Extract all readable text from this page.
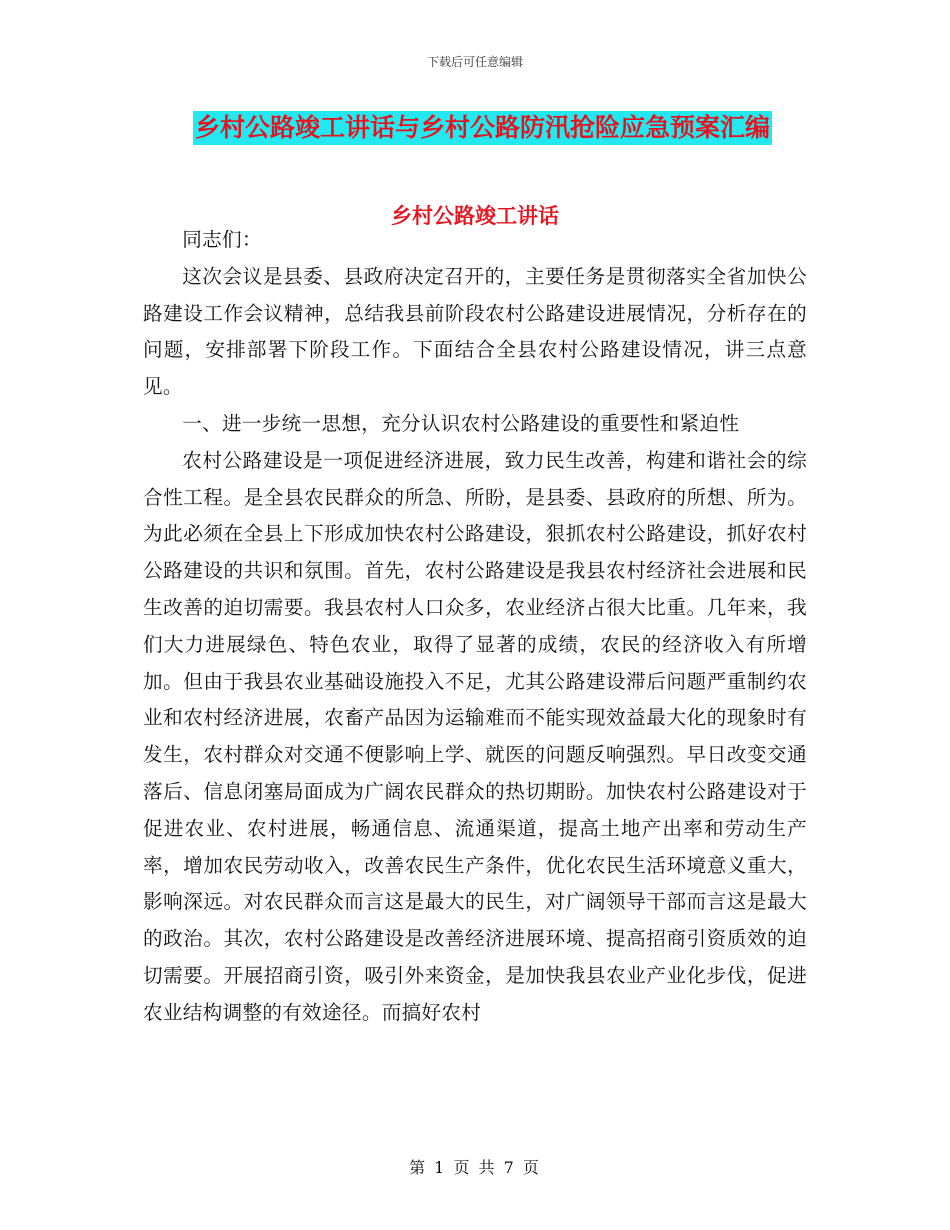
下载后可任意编辑
乡村公路竣工讲话与乡村公路防汛抢险应急预案汇编
乡村公路竣工讲话

同志们：

这次会议是县委、县政府决定召开的，主要任务是贯彻落实全省加快公路建设工作会议精神，总结我县前阶段农村公路建设进展情况，分析存在的问题，安排部署下阶段工作。下面结合全县农村公路建设情况，讲三点意见。

一、进一步统一思想，充分认识农村公路建设的重要性和紧迫性

农村公路建设是一项促进经济进展，致力民生改善，构建和谐社会的综合性工程。是全县农民群众的所急、所盼，是县委、县政府的所想、所为。为此必须在全县上下形成加快农村公路建设，狠抓农村公路建设，抓好农村公路建设的共识和氛围。首先，农村公路建设是我县农村经济社会进展和民生改善的迫切需要。我县农村人口众多，农业经济占很大比重。几年来，我们大力进展绿色、特色农业，取得了显著的成绩，农民的经济收入有所增加。但由于我县农业基础设施投入不足，尤其公路建设滞后问题严重制约农业和农村经济进展，农畜产品因为运输难而不能实现效益最大化的现象时有发生，农村群众对交通不便影响上学、就医的问题反响强烈。早日改变交通落后、信息闭塞局面成为广阔农民群众的热切期盼。加快农村公路建设对于促进农业、农村进展，畅通信息、流通渠道，提高土地产出率和劳动生产率，增加农民劳动收入，改善农民生产条件，优化农民生活环境意义重大，影响深远。对农民群众而言这是最大的民生，对广阔领导干部而言这是最大的政治。其次，农村公路建设是改善经济进展环境、提高招商引资质效的迫切需要。开展招商引资，吸引外来资金，是加快我县农业产业化步伐，促进农业结构调整的有效途径。而搞好农村

第 1 页 共 7 页
